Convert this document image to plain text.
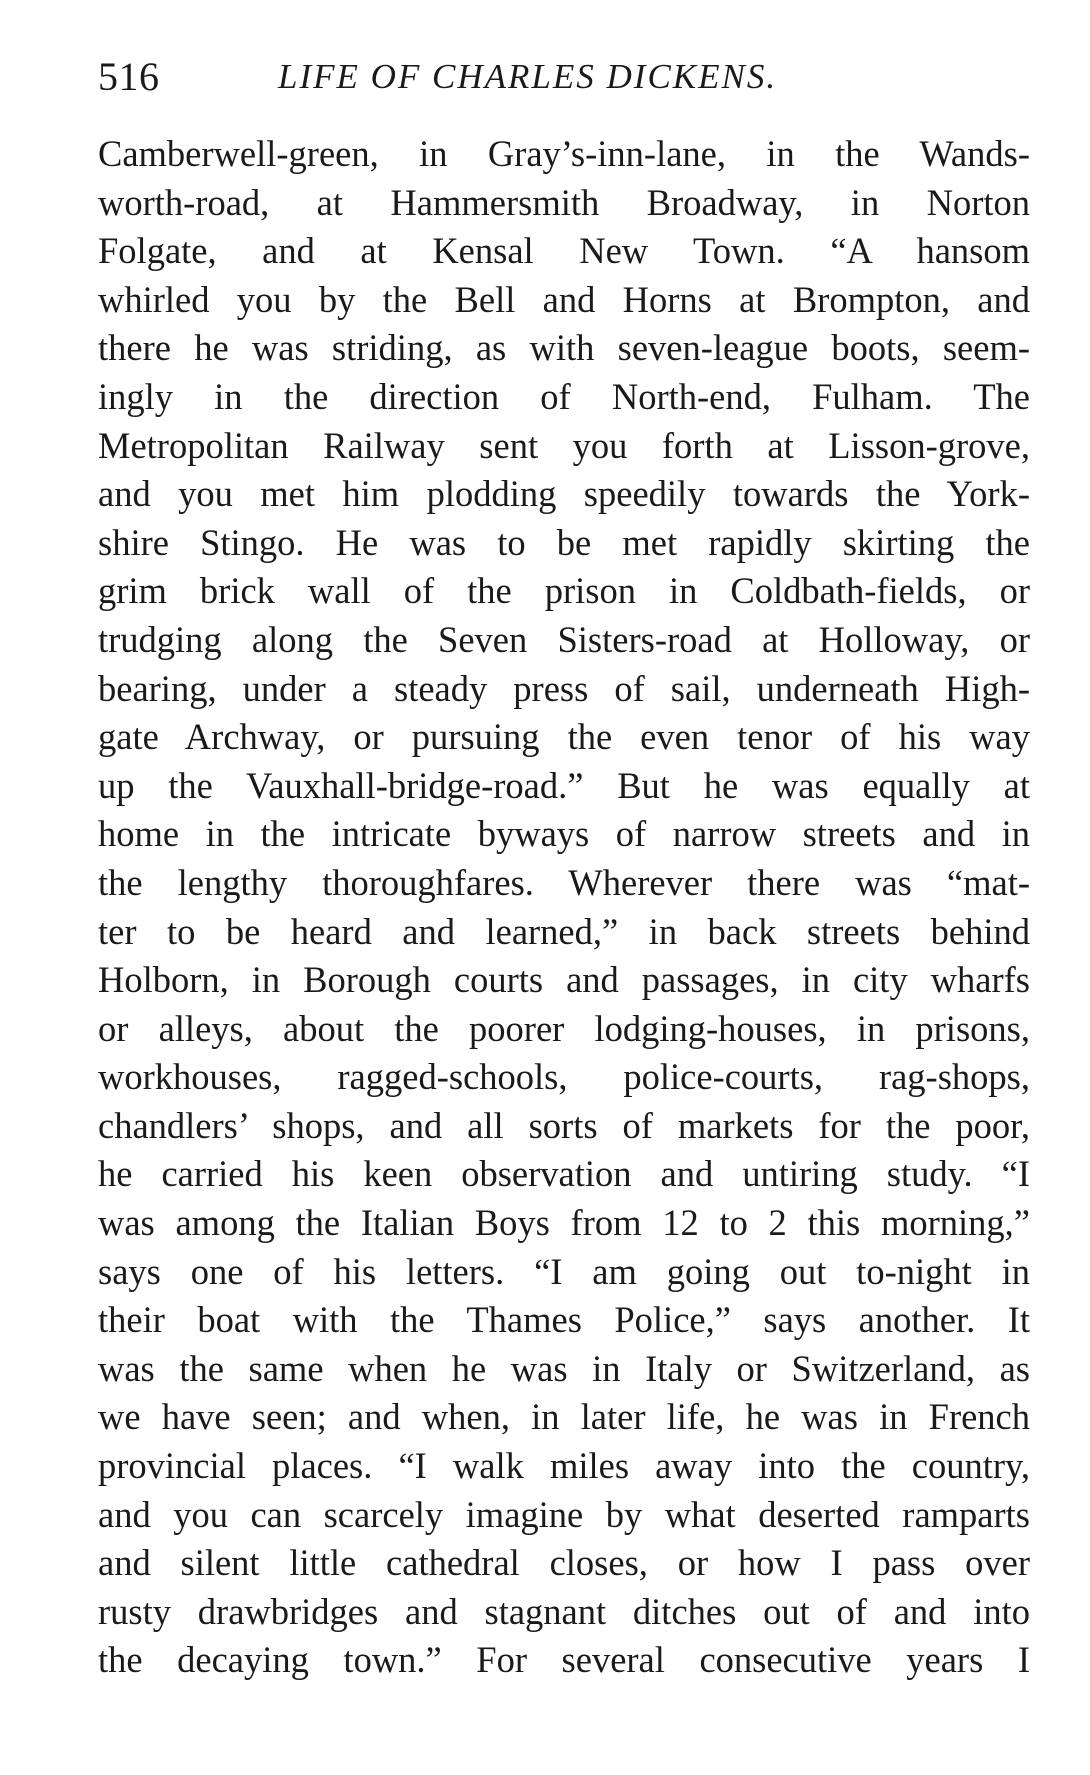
516	LIFE OF CHARLES DICKENS.
Camberwell-green, in Gray’s-inn-lane, in the Wands-
worth-road, at Hammersmith Broadway, in Norton
Folgate, and at Kensal New Town. “A hansom
whirled you by the Bell and Horns at Brompton, and
there he was striding, as with seven-league boots, seem-
ingly in the direction of North-end, Fulham. The
Metropolitan Railway sent you forth at Lisson-grove,
and you met him plodding speedily towards the York-
shire Stingo. He was to be met rapidly skirting the
grim brick wall of the prison in Coldbath-fields, or
trudging along the Seven Sisters-road at Holloway, or
bearing, under a steady press of sail, underneath High-
gate Archway, or pursuing the even tenor of his way
up the Vauxhall-bridge-road.” But he was equally at
home in the intricate byways of narrow streets and in
the lengthy thoroughfares. Wherever there was “mat-
ter to be heard and learned,” in back streets behind
Holborn, in Borough courts and passages, in city wharfs
or alleys, about the poorer lodging-houses, in prisons,
workhouses, ragged-schools, police-courts, rag-shops,
chandlers’ shops, and all sorts of markets for the poor,
he carried his keen observation and untiring study. “I
was among the Italian Boys from 12 to 2 this morning,”
says one of his letters. “I am going out to-night in
their boat with the Thames Police,” says another. It
was the same when he was in Italy or Switzerland, as
we have seen; and when, in later life, he was in French
provincial places. “I walk miles away into the country,
and you can scarcely imagine by what deserted ramparts
and silent little cathedral closes, or how I pass over
rusty drawbridges and stagnant ditches out of and into
the decaying town.” For several consecutive years I
